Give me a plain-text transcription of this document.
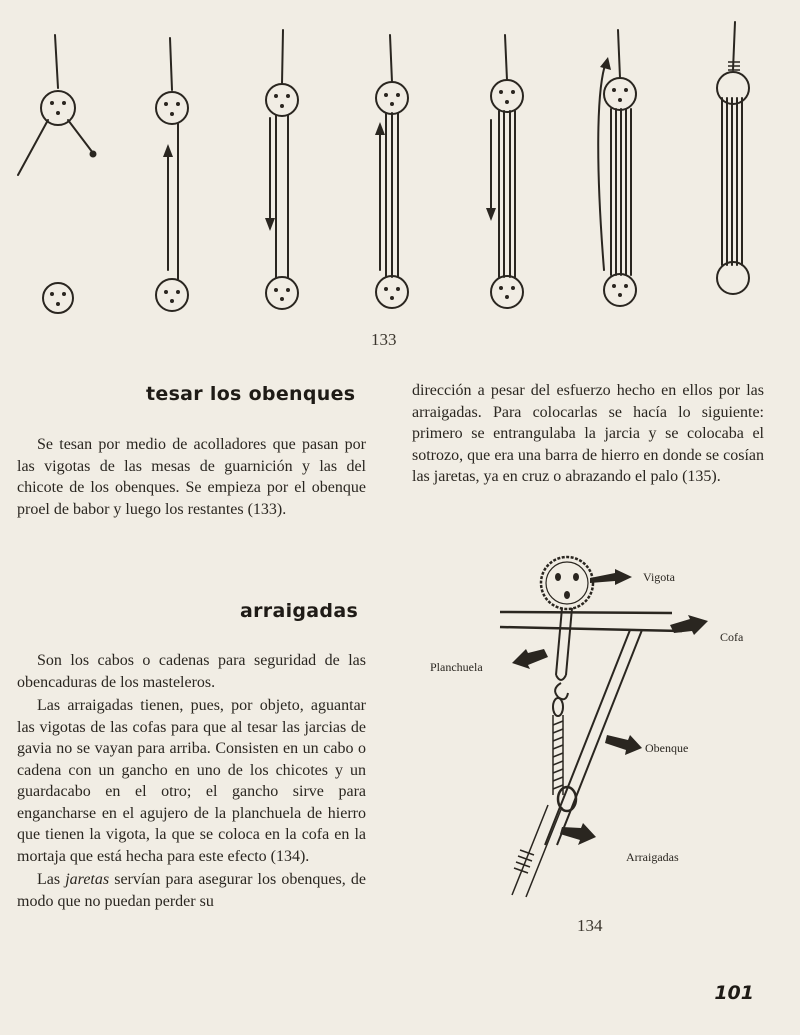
133
tesar los obenques

Se tesan por medio de acolladores que pasan por las vigotas de las mesas de guarnición y las del chicote de los obenques. Se empieza por el obenque proel de babor y luego los restantes (133).

arraigadas

Son los cabos o cadenas para seguridad de las obencaduras de los masteleros.

Las arraigadas tienen, pues, por objeto, aguantar las vigotas de las cofas para que al tesar las jarcias de gavia no se vayan para arriba. Consisten en un cabo o cadena con un gancho en uno de los chicotes y un guardacabo en el otro; el gancho sirve para engancharse en el agujero de la planchuela de hierro que tienen la vigota, la que se coloca en la cofa en la mortaja que está hecha para este efecto (134).

Las jaretas servían para asegurar los obenques, de modo que no puedan perder su

dirección a pesar del esfuerzo hecho en ellos por las arraigadas. Para colocarlas se hacía lo siguiente: primero se entrangulaba la jarcia y se colocaba el sotrozo, que era una barra de hierro en donde se cosían las jaretas, ya en cruz o abrazando el palo (135).

Vigota
Cofa
Planchuela
Obenque
Arraigadas
134
101
